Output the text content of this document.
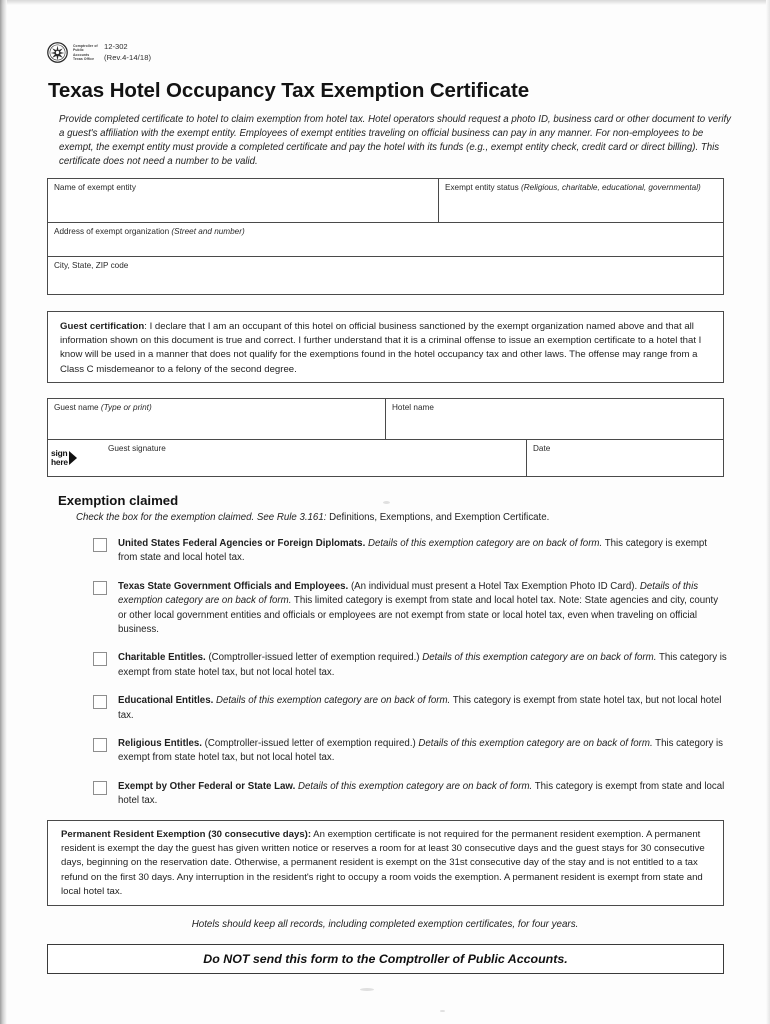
Comptroller of Public Accounts Texas Office
12-302
(Rev.4-14/18)
Texas Hotel Occupancy Tax Exemption Certificate
Provide completed certificate to hotel to claim exemption from hotel tax. Hotel operators should request a photo ID, business card or other document to verify a guest's affiliation with the exempt entity. Employees of exempt entities traveling on official business can pay in any manner. For non-employees to be exempt, the exempt entity must provide a completed certificate and pay the hotel with its funds (e.g., exempt entity check, credit card or direct billing). This certificate does not need a number to be valid.
Name of exempt entity	Exempt entity status (Religious, charitable, educational, governmental)
Address of exempt organization (Street and number)
City, State, ZIP code
Guest certification: I declare that I am an occupant of this hotel on official business sanctioned by the exempt organization named above and that all information shown on this document is true and correct. I further understand that it is a criminal offense to issue an exemption certificate to a hotel that I know will be used in a manner that does not qualify for the exemptions found in the hotel occupancy tax and other laws. The offense may range from a Class C misdemeanor to a felony of the second degree.
Guest name (Type or print)	Hotel name
Guest signature	Date
sign
here
Exemption claimed
Check the box for the exemption claimed. See Rule 3.161: Definitions, Exemptions, and Exemption Certificate.
United States Federal Agencies or Foreign Diplomats. Details of this exemption category are on back of form. This category is exempt from state and local hotel tax.
Texas State Government Officials and Employees. (An individual must present a Hotel Tax Exemption Photo ID Card). Details of this exemption category are on back of form. This limited category is exempt from state and local hotel tax. Note: State agencies and city, county or other local government entities and officials or employees are not exempt from state or local hotel tax, even when traveling on official business.
Charitable Entitles. (Comptroller-issued letter of exemption required.) Details of this exemption category are on back of form. This category is exempt from state hotel tax, but not local hotel tax.
Educational Entitles. Details of this exemption category are on back of form. This category is exempt from state hotel tax, but not local hotel tax.
Religious Entitles. (Comptroller-issued letter of exemption required.) Details of this exemption category are on back of form. This category is exempt from state hotel tax, but not local hotel tax.
Exempt by Other Federal or State Law. Details of this exemption category are on back of form. This category is exempt from state and local hotel tax.
Permanent Resident Exemption (30 consecutive days): An exemption certificate is not required for the permanent resident exemption. A permanent resident is exempt the day the guest has given written notice or reserves a room for at least 30 consecutive days and the guest stays for 30 consecutive days, beginning on the reservation date. Otherwise, a permanent resident is exempt on the 31st consecutive day of the stay and is not entitled to a tax refund on the first 30 days. Any interruption in the resident's right to occupy a room voids the exemption. A permanent resident is exempt from state and local hotel tax.
Hotels should keep all records, including completed exemption certificates, for four years.
Do NOT send this form to the Comptroller of Public Accounts.
